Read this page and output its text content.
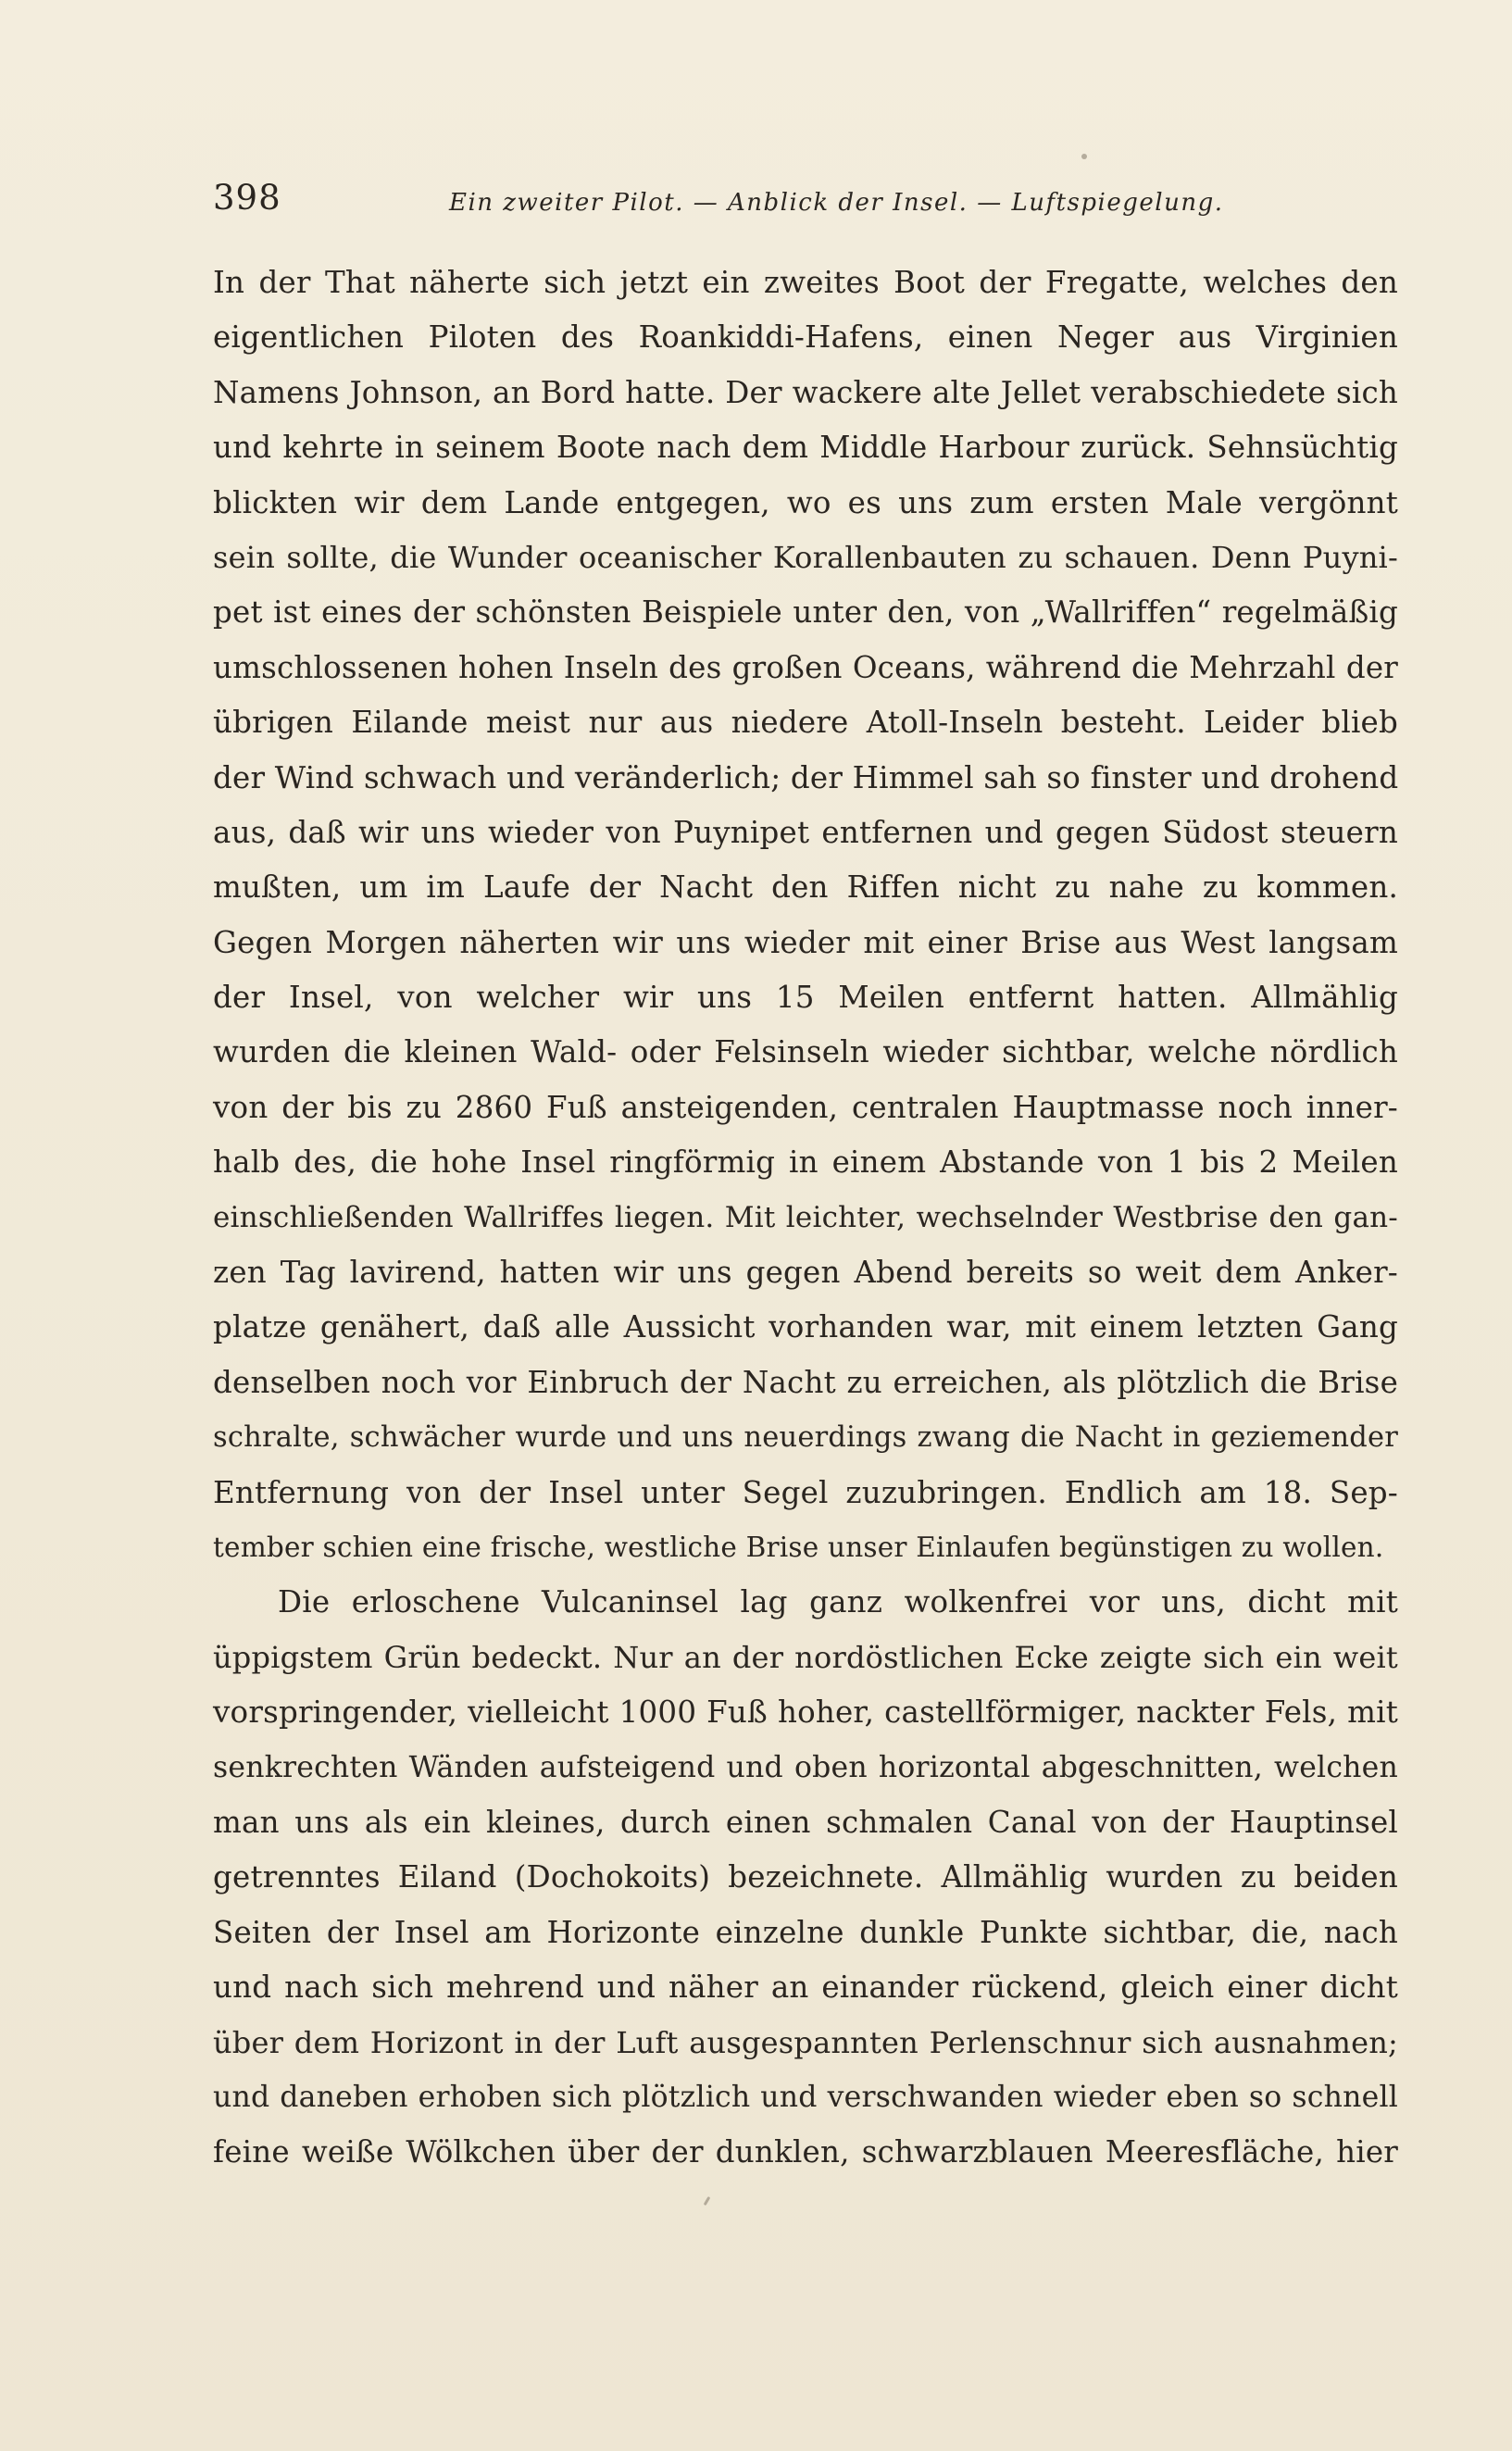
398	Ein zweiter Pilot. — Anblick der Insel. — Luftspiegelung.
In der That näherte sich jetzt ein zweites Boot der Fregatte, welches den
eigentlichen Piloten des Roankiddi-Hafens, einen Neger aus Virginien
Namens Johnson, an Bord hatte. Der wackere alte Jellet verabschiedete sich
und kehrte in seinem Boote nach dem Middle Harbour zurück. Sehnsüchtig
blickten wir dem Lande entgegen, wo es uns zum ersten Male vergönnt
sein sollte, die Wunder oceanischer Korallenbauten zu schauen. Denn Puyni-
pet ist eines der schönsten Beispiele unter den, von „Wallriffen“ regelmäßig
umschlossenen hohen Inseln des großen Oceans, während die Mehrzahl der
übrigen Eilande meist nur aus niedere Atoll-Inseln besteht. Leider blieb
der Wind schwach und veränderlich; der Himmel sah so finster und drohend
aus, daß wir uns wieder von Puynipet entfernen und gegen Südost steuern
mußten, um im Laufe der Nacht den Riffen nicht zu nahe zu kommen.
Gegen Morgen näherten wir uns wieder mit einer Brise aus West langsam
der Insel, von welcher wir uns 15 Meilen entfernt hatten. Allmählig
wurden die kleinen Wald- oder Felsinseln wieder sichtbar, welche nördlich
von der bis zu 2860 Fuß ansteigenden, centralen Hauptmasse noch inner-
halb des, die hohe Insel ringförmig in einem Abstande von 1 bis 2 Meilen
einschließenden Wallriffes liegen. Mit leichter, wechselnder Westbrise den gan-
zen Tag lavirend, hatten wir uns gegen Abend bereits so weit dem Anker-
platze genähert, daß alle Aussicht vorhanden war, mit einem letzten Gang
denselben noch vor Einbruch der Nacht zu erreichen, als plötzlich die Brise
schralte, schwächer wurde und uns neuerdings zwang die Nacht in geziemender
Entfernung von der Insel unter Segel zuzubringen. Endlich am 18. Sep-
tember schien eine frische, westliche Brise unser Einlaufen begünstigen zu wollen.
Die erloschene Vulcaninsel lag ganz wolkenfrei vor uns, dicht mit
üppigstem Grün bedeckt. Nur an der nordöstlichen Ecke zeigte sich ein weit
vorspringender, vielleicht 1000 Fuß hoher, castellförmiger, nackter Fels, mit
senkrechten Wänden aufsteigend und oben horizontal abgeschnitten, welchen
man uns als ein kleines, durch einen schmalen Canal von der Hauptinsel
getrenntes Eiland (Dochokoits) bezeichnete. Allmählig wurden zu beiden
Seiten der Insel am Horizonte einzelne dunkle Punkte sichtbar, die, nach
und nach sich mehrend und näher an einander rückend, gleich einer dicht
über dem Horizont in der Luft ausgespannten Perlenschnur sich ausnahmen;
und daneben erhoben sich plötzlich und verschwanden wieder eben so schnell
feine weiße Wölkchen über der dunklen, schwarzblauen Meeresfläche, hier
